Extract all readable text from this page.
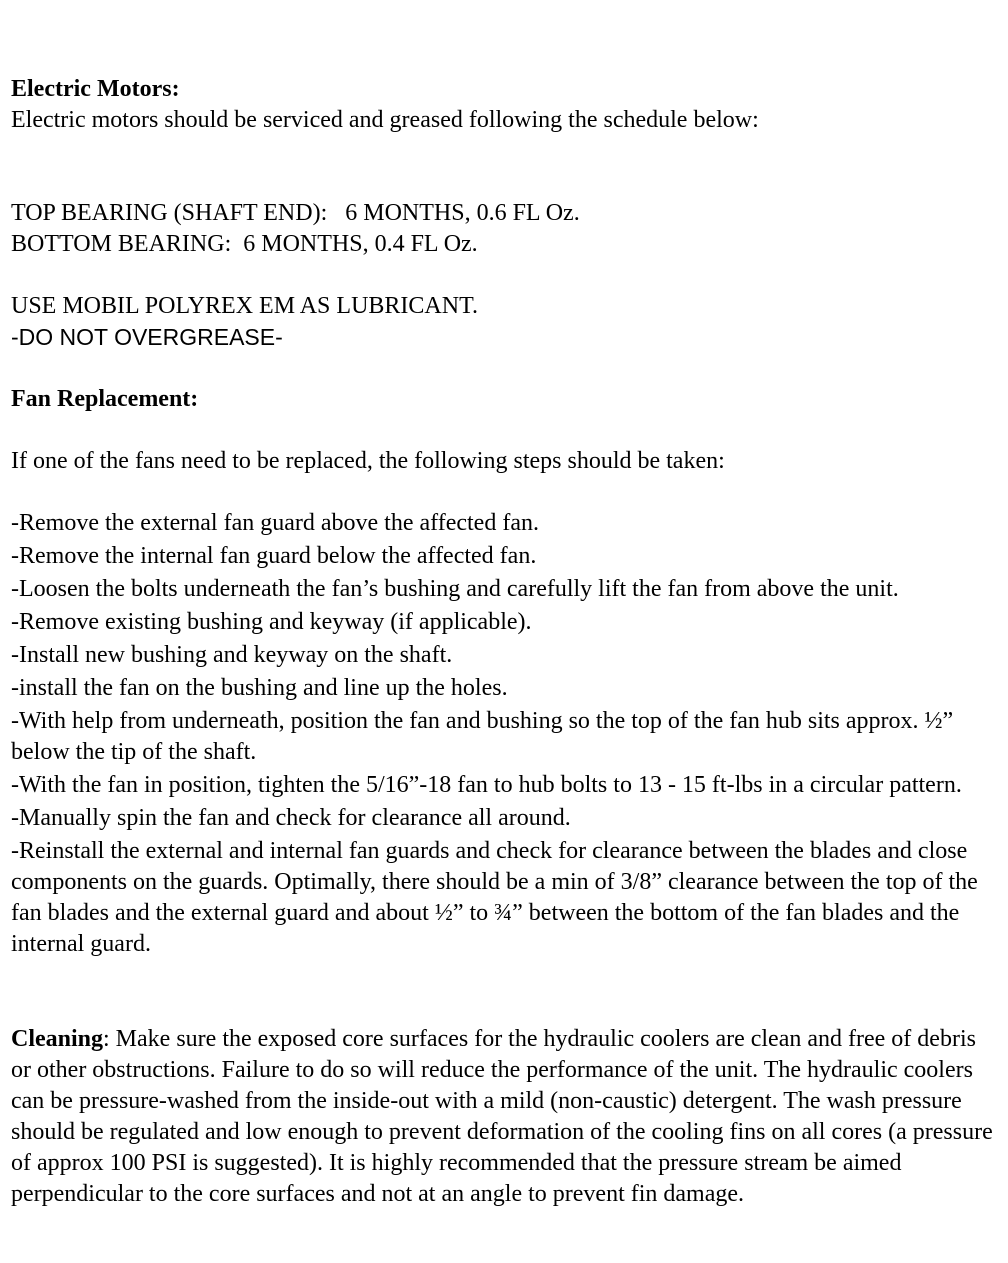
Electric Motors:
Electric motors should be serviced and greased following the schedule below:

TOP BEARING (SHAFT END):   6 MONTHS, 0.6 FL Oz.
BOTTOM BEARING:  6 MONTHS, 0.4 FL Oz.

USE MOBIL POLYREX EM AS LUBRICANT.
-DO NOT OVERGREASE-

Fan Replacement:

If one of the fans need to be replaced, the following steps should be taken:

-Remove the external fan guard above the affected fan.
-Remove the internal fan guard below the affected fan.
-Loosen the bolts underneath the fan’s bushing and carefully lift the fan from above the unit.
-Remove existing bushing and keyway (if applicable).
-Install new bushing and keyway on the shaft.
-install the fan on the bushing and line up the holes.
-With help from underneath, position the fan and bushing so the top of the fan hub sits approx. ½” below the tip of the shaft.
-With the fan in position, tighten the 5/16”-18 fan to hub bolts to 13 - 15 ft-lbs in a circular pattern.
-Manually spin the fan and check for clearance all around.
-Reinstall the external and internal fan guards and check for clearance between the blades and close components on the guards. Optimally, there should be a min of 3/8” clearance between the top of the fan blades and the external guard and about ½” to ¾” between the bottom of the fan blades and the internal guard.

Cleaning: Make sure the exposed core surfaces for the hydraulic coolers are clean and free of debris or other obstructions. Failure to do so will reduce the performance of the unit. The hydraulic coolers can be pressure-washed from the inside-out with a mild (non-caustic) detergent. The wash pressure should be regulated and low enough to prevent deformation of the cooling fins on all cores (a pressure of approx 100 PSI is suggested). It is highly recommended that the pressure stream be aimed perpendicular to the core surfaces and not at an angle to prevent fin damage.
